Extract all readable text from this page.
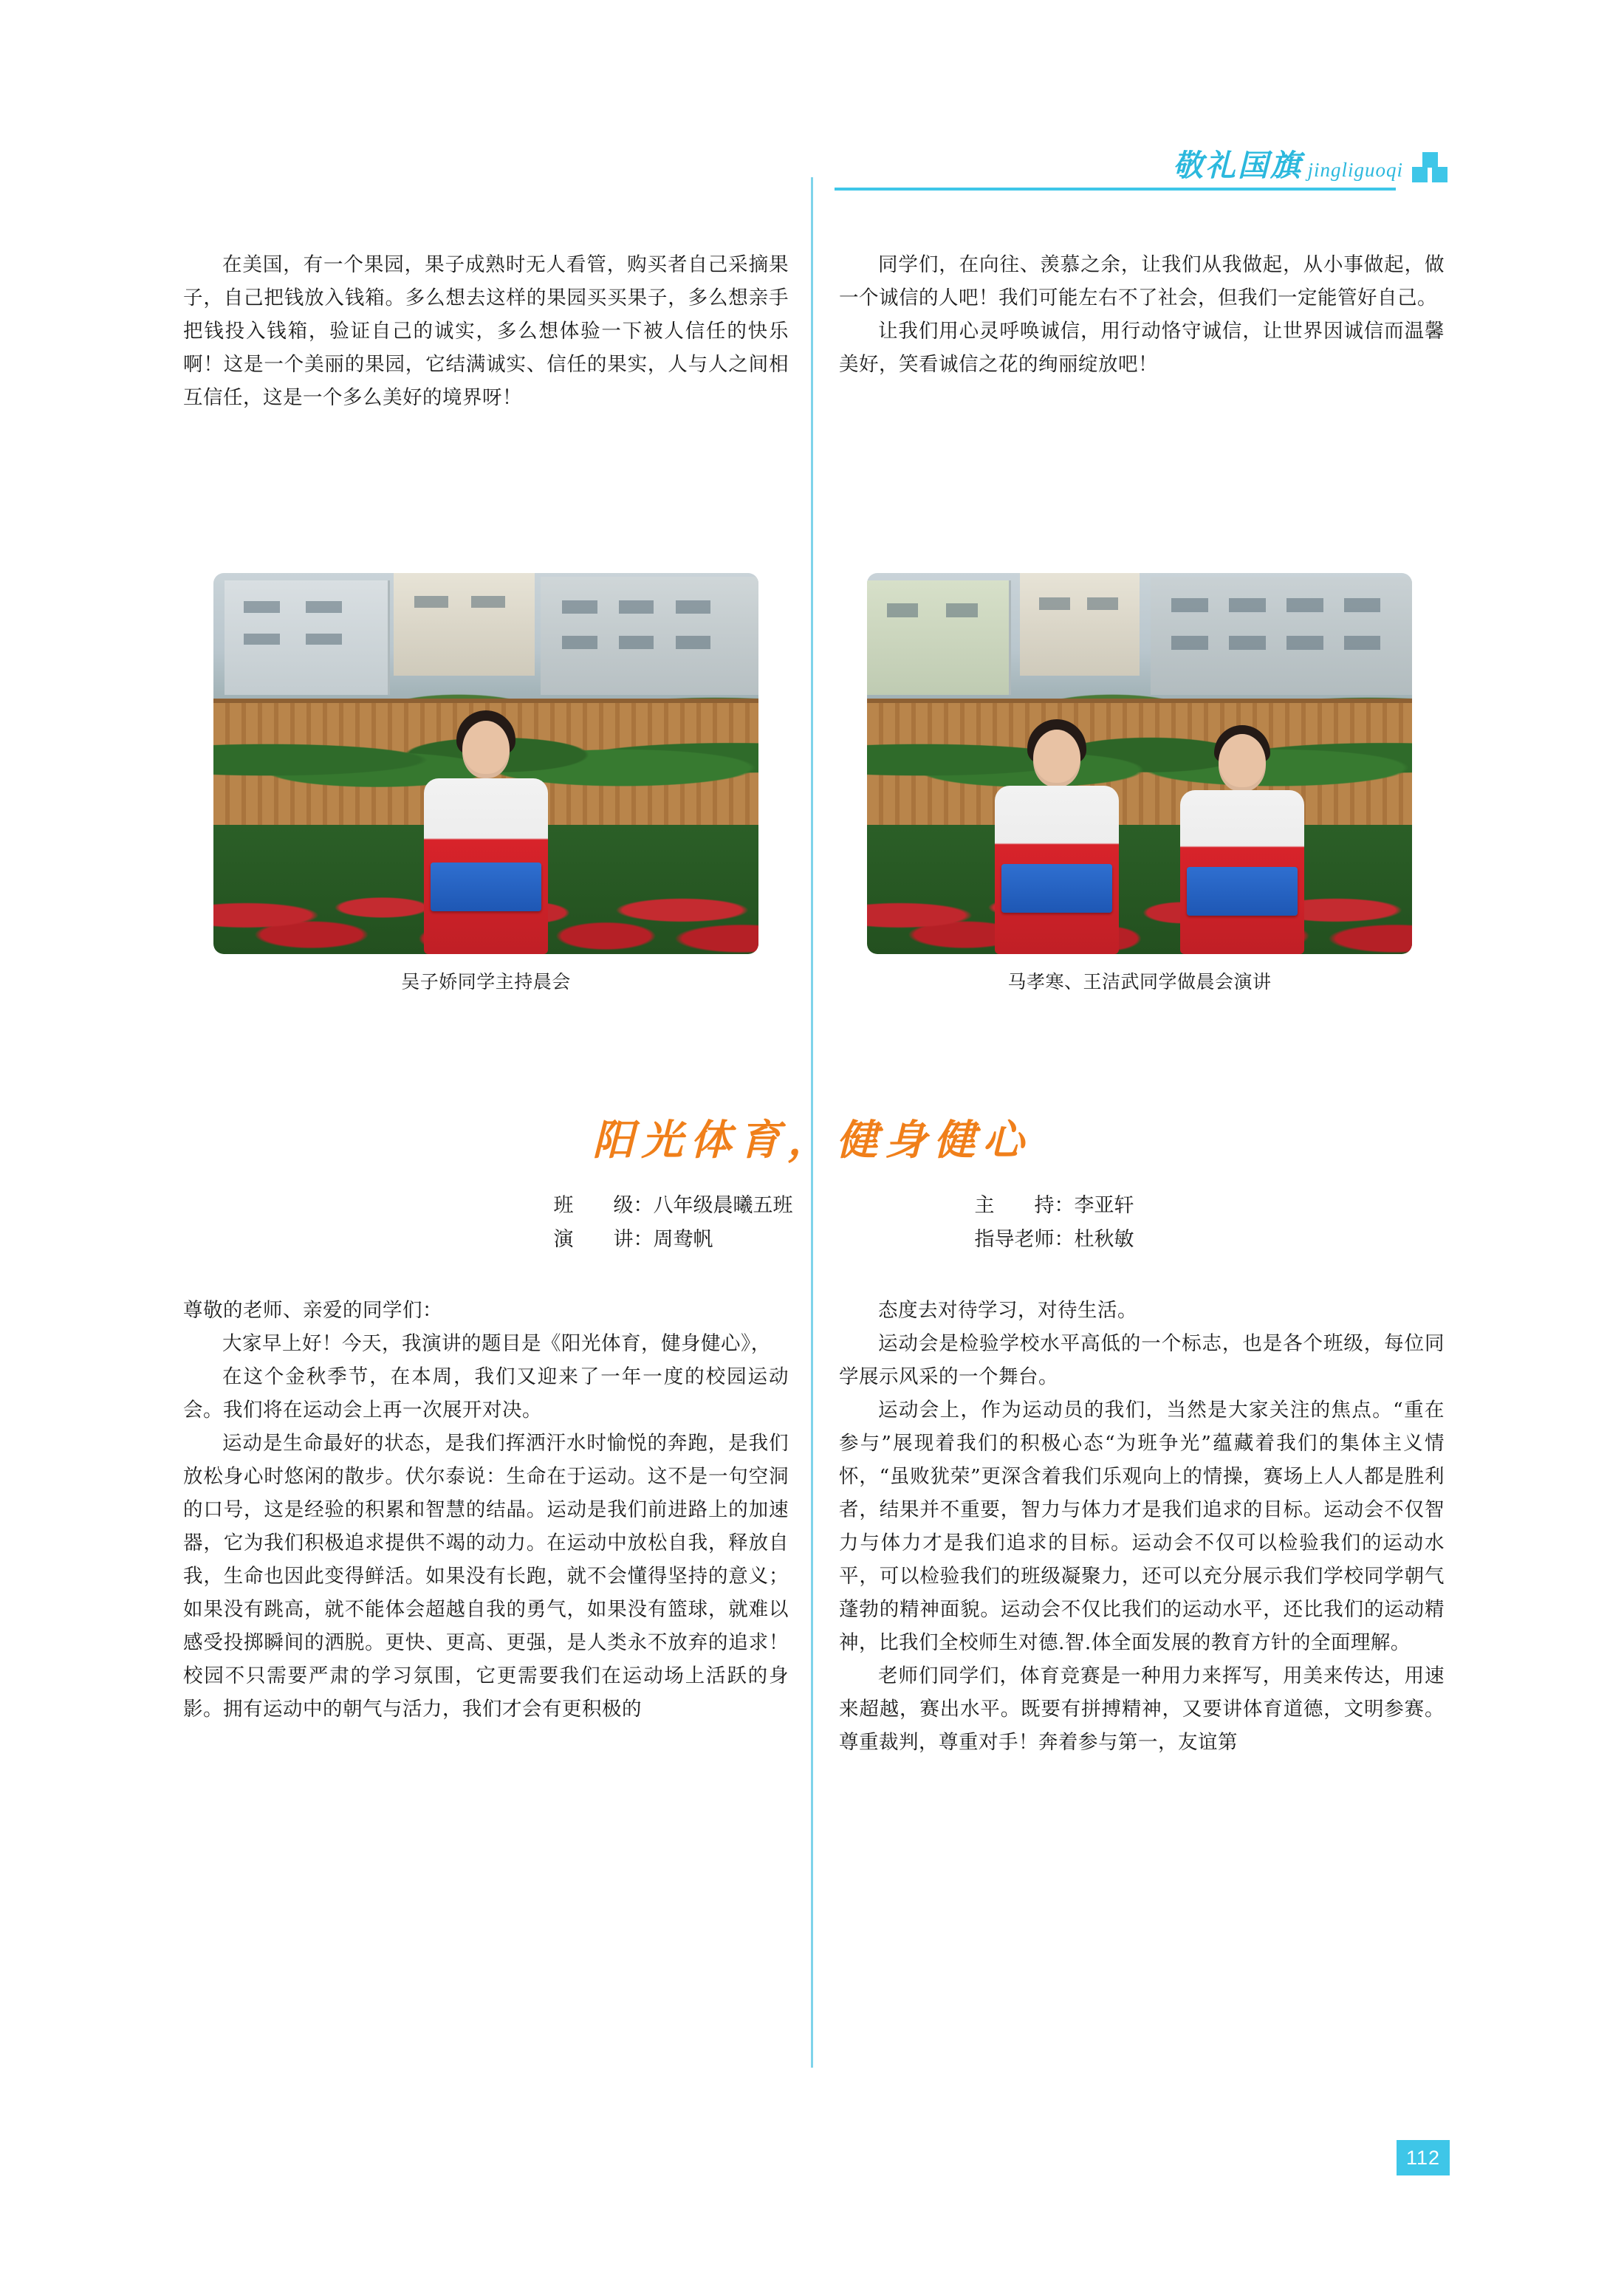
敬礼国旗 jingliguoqi

在美国，有一个果园，果子成熟时无人看管，购买者自己采摘果子，自己把钱放入钱箱。多么想去这样的果园买买果子，多么想亲手把钱投入钱箱，验证自己的诚实，多么想体验一下被人信任的快乐啊！这是一个美丽的果园，它结满诚实、信任的果实，人与人之间相互信任，这是一个多么美好的境界呀！

同学们，在向往、羡慕之余，让我们从我做起，从小事做起，做一个诚信的人吧！我们可能左右不了社会，但我们一定能管好自己。

让我们用心灵呼唤诚信，用行动恪守诚信，让世界因诚信而温馨美好，笑看诚信之花的绚丽绽放吧！

吴子娇同学主持晨会	马孝寒、王洁武同学做晨会演讲
阳光体育，健身健心
班　　级：八年级晨曦五班	主　　持：李亚轩
演　　讲：周鸯帆	指导老师：杜秋敏

尊敬的老师、亲爱的同学们：

大家早上好！今天，我演讲的题目是《阳光体育，健身健心》，

在这个金秋季节，在本周，我们又迎来了一年一度的校园运动会。我们将在运动会上再一次展开对决。

运动是生命最好的状态，是我们挥洒汗水时愉悦的奔跑，是我们放松身心时悠闲的散步。伏尔泰说：生命在于运动。这不是一句空洞的口号，这是经验的积累和智慧的结晶。运动是我们前进路上的加速器，它为我们积极追求提供不竭的动力。在运动中放松自我，释放自我，生命也因此变得鲜活。如果没有长跑，就不会懂得坚持的意义；如果没有跳高，就不能体会超越自我的勇气，如果没有篮球，就难以感受投掷瞬间的洒脱。更快、更高、更强，是人类永不放弃的追求！校园不只需要严肃的学习氛围，它更需要我们在运动场上活跃的身影。拥有运动中的朝气与活力，我们才会有更积极的

态度去对待学习，对待生活。

运动会是检验学校水平高低的一个标志，也是各个班级，每位同学展示风采的一个舞台。

运动会上，作为运动员的我们，当然是大家关注的焦点。“重在参与”展现着我们的积极心态“为班争光”蕴藏着我们的集体主义情怀，“虽败犹荣”更深含着我们乐观向上的情操，赛场上人人都是胜利者，结果并不重要，智力与体力才是我们追求的目标。运动会不仅智力与体力才是我们追求的目标。运动会不仅可以检验我们的运动水平，可以检验我们的班级凝聚力，还可以充分展示我们学校同学朝气蓬勃的精神面貌。运动会不仅比我们的运动水平，还比我们的运动精神，比我们全校师生对德.智.体全面发展的教育方针的全面理解。

老师们同学们，体育竞赛是一种用力来挥写，用美来传达，用速来超越，赛出水平。既要有拼搏精神，又要讲体育道德，文明参赛。尊重裁判，尊重对手！奔着参与第一，友谊第

112
